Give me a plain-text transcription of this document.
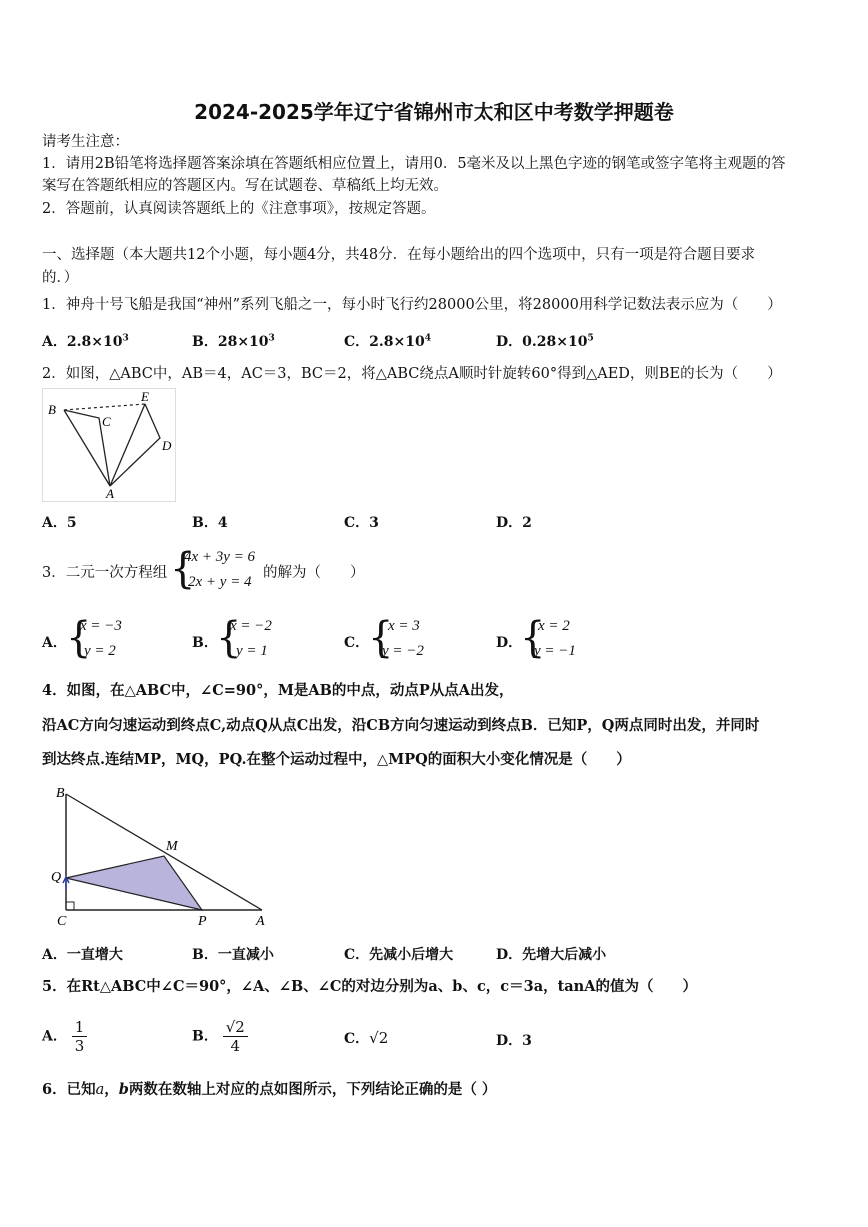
2024-2025学年辽宁省锦州市太和区中考数学押题卷
请考生注意：
1．请用2B铅笔将选择题答案涂填在答题纸相应位置上，请用0．5毫米及以上黑色字迹的钢笔或签字笔将主观题的答
案写在答题纸相应的答题区内。写在试题卷、草稿纸上均无效。
2．答题前，认真阅读答题纸上的《注意事项》，按规定答题。
一、选择题（本大题共12个小题，每小题4分，共48分．在每小题给出的四个选项中，只有一项是符合题目要求
的．）
1．神舟十号飞船是我国“神州”系列飞船之一，每小时飞行约28000公里，将28000用科学记数法表示应为（　　）
A．$2.8\times 10^3$	B．$28\times 10^3$	C．$2.8\times 10^4$	D．$0.28\times 10^5$
2．如图，△ABC中，AB＝4，AC＝3，BC＝2，将△ABC绕点A顺时针旋转60°得到△AED，则BE的长为（　　）
B
C
E
D
A
A．5	B．4	C．3	D．2
3．二元一次方程组 {
4x + 3y = 6
2x + y = 4
的解为（　　）
A． {
x = −3
y = 2	B．
{
x = −2
y = 1	C．
{
x = 3
y = −2	D．
{
x = 2
y = −1
4．如图，在△ABC中，∠C=90°，M是AB的中点，动点P从点A出发，
沿AC方向匀速运动到终点C,动点Q从点C出发，沿CB方向匀速运动到终点B．已知P，Q两点同时出发，并同时
到达终点.连结MP，MQ，PQ.在整个运动过程中，△MPQ的面积大小变化情况是（　　）
B
M
Q
C	P	A
A．一直增大	B．一直减小	C．先减小后增大	D．先增大后减小
5．在Rt△ABC中∠C＝90°，∠A、∠B、∠C的对边分别为a、b、c，c＝3a，tanA的值为（　　）
A． $\frac{1}{3}$	B． $\frac{√2}{4}$	C．√2	D．3
6．已知a，b两数在数轴上对应的点如图所示，下列结论正确的是（ ）
